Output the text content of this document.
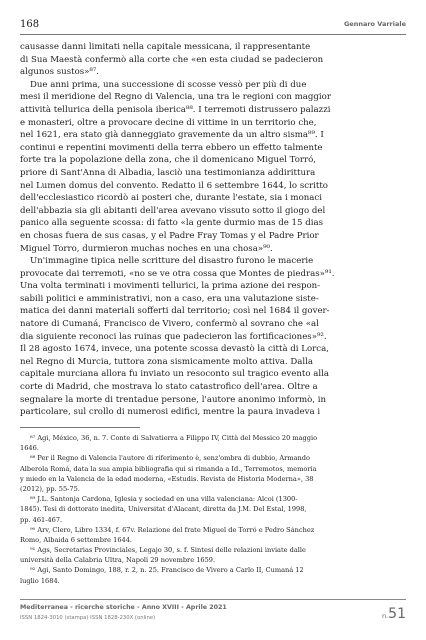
168	Gennaro Varriale
causasse danni limitati nella capitale messicana, il rappresentante
di Sua Maestà confermò alla corte che «en esta ciudad se padecieron
algunos sustos»⁸⁷.
Due anni prima, una successione di scosse vessò per più di due
mesi il meridione del Regno di Valencia, una tra le regioni con maggior
attività tellurica della penisola iberica⁸⁸. I terremoti distrussero palazzi
e monasteri, oltre a provocare decine di vittime in un territorio che,
nel 1621, era stato già danneggiato gravemente da un altro sisma⁸⁹. I
continui e repentini movimenti della terra ebbero un effetto talmente
forte tra la popolazione della zona, che il domenicano Miguel Torró,
priore di Sant'Anna di Albadia, lasciò una testimonianza addirittura
nel Lumen domus del convento. Redatto il 6 settembre 1644, lo scritto
dell'ecclesiastico ricordò ai posteri che, durante l'estate, sia i monaci
dell'abbazia sia gli abitanti dell'area avevano vissuto sotto il giogo del
panico alla seguente scossa: di fatto «la gente durmio mas de 15 dias
en chosas fuera de sus casas, y el Padre Fray Tomas y el Padre Prior
Miguel Torro, durmieron muchas noches en una chosa»⁹⁰.
Un'immagine tipica nelle scritture del disastro furono le macerie
provocate dai terremoti, «no se ve otra cossa que Montes de piedras»⁹¹.
Una volta terminati i movimenti tellurici, la prima azione dei respon-
sabili politici e amministrativi, non a caso, era una valutazione siste-
matica dei danni materiali sofferti dal territorio; così nel 1684 il gover-
natore di Cumaná, Francisco de Vivero, confermò al sovrano che «al
dia siguiente reconoci las ruinas que padecieron las fortificaciones»⁹².
Il 28 agosto 1674, invece, una potente scossa devastò la città di Lorca,
nel Regno di Murcia, tuttora zona sismicamente molto attiva. Dalla
capitale murciana allora fu inviato un resoconto sul tragico evento alla
corte di Madrid, che mostrava lo stato catastrofico dell'area. Oltre a
segnalare la morte di trentadue persone, l'autore anonimo informò, in
particolare, sul crollo di numerosi edifici, mentre la paura invadeva i
⁸⁷ Agi, México, 36, n. 7. Conte di Salvatierra a Filippo IV, Città del Messico 20 maggio
1646.
⁸⁸ Per il Regno di Valencia l'autore di riferimento è, senz'ombra di dubbio, Armando
Alberola Romá, data la sua ampia bibliografia qui si rimanda a Id., Terremotos, memoria
y miedo en la Valencia de la edad moderna, «Estudis. Revista de Historia Moderna», 38
(2012), pp. 55-75.
⁸⁹ J.L. Santonja Cardona, Iglesia y sociedad en una villa valenciana: Alcoi (1300-
1845). Tesi di dottorato inedita, Universitat d'Alacant, diretta da J.M. Del Estal, 1998,
pp. 461-467.
⁹⁰ Arv, Clero, Libro 1334, f. 67v. Relazione del frate Miguel de Torró e Pedro Sánchez
Romo, Albaida 6 settembre 1644.
⁹¹ Ags, Secretarias Provinciales, Legajo 30, s. f. Sintesi delle relazioni inviate dalle
università della Calabria Ultra, Napoli 29 novembre 1659.
⁹² Agi, Santo Domingo, 188, r. 2, n. 25. Francisco de Vivero a Carlo II, Cumaná 12
luglio 1684.
Mediterranea - ricerche storiche - Anno XVIII - Aprile 2021
ISSN 1824-3010 (stampa) ISSN 1828-230X (online)	n.51
